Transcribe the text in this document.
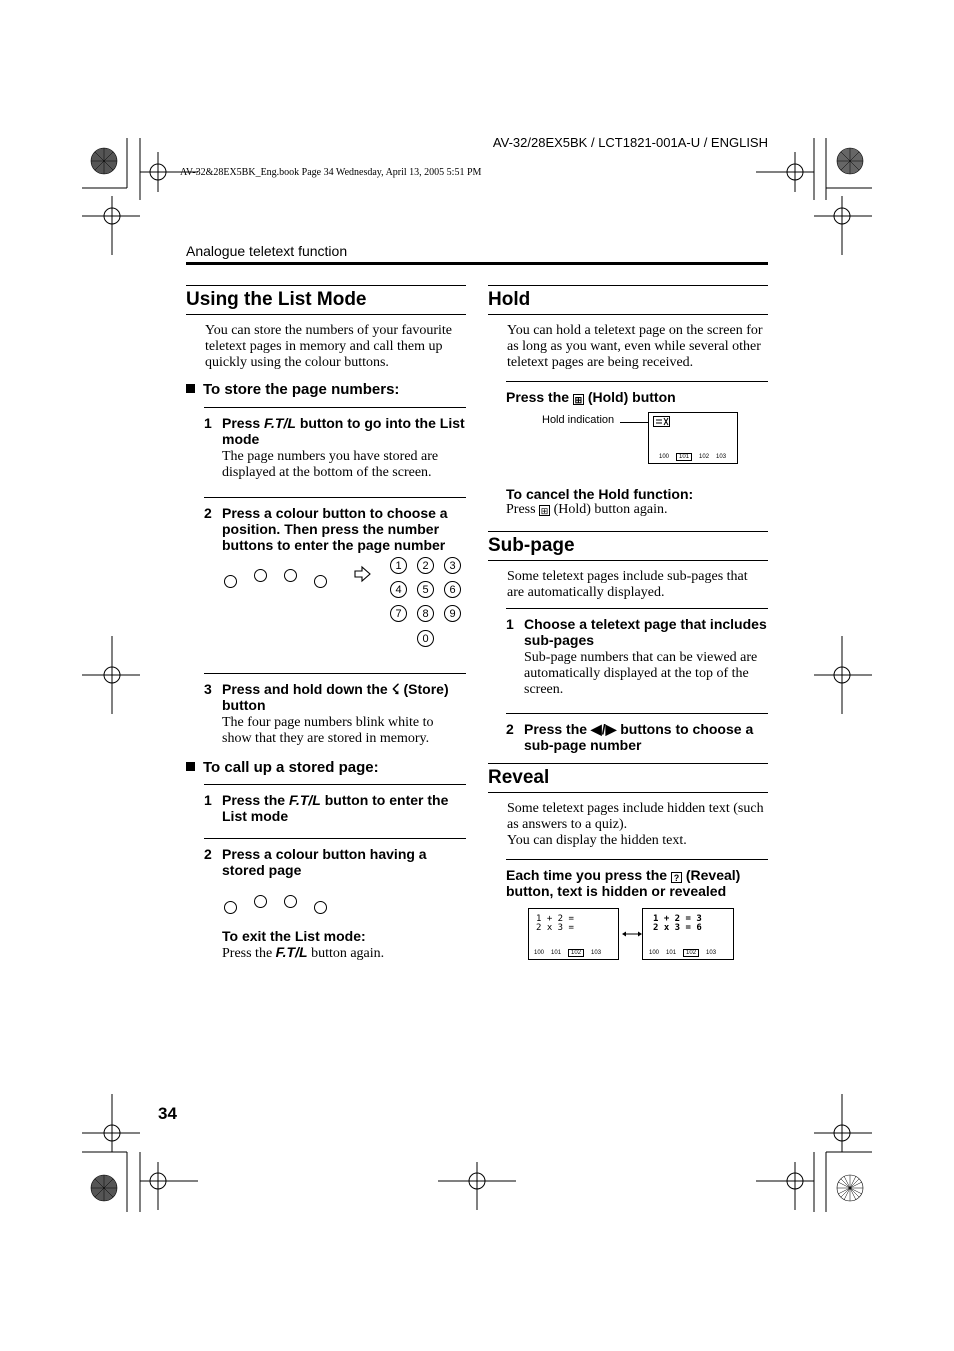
AV-32/28EX5BK / LCT1821-001A-U / ENGLISH
AV-32&28EX5BK_Eng.book Page 34 Wednesday, April 13, 2005 5:51 PM
Analogue teletext function
34
Using the List Mode
You can store the numbers of your favourite teletext pages in memory and call them up quickly using the colour buttons.
To store the page numbers:
1 Press F.T/L button to go into the List mode
The page numbers you have stored are displayed at the bottom of the screen.
2 Press a colour button to choose a position. Then press the number buttons to enter the page number
1	2	3
4	5	6
7	8	9
0
3 Press and hold down the ☇ (Store) button
The four page numbers blink white to show that they are stored in memory.
To call up a stored page:
1 Press the F.T/L button to enter the List mode
2 Press a colour button having a stored page
To exit the List mode:
Press the F.T/L button again.
Hold
You can hold a teletext page on the screen for as long as you want, even while several other teletext pages are being received.
Press the ⊞ (Hold) button
Hold indication
100 101 102 103
To cancel the Hold function:
Press ⊞ (Hold) button again.
Sub-page
Some teletext pages include sub-pages that are automatically displayed.
1 Choose a teletext page that includes sub-pages
Sub-page numbers that can be viewed are automatically displayed at the top of the screen.
2 Press the ◀/▶ buttons to choose a sub-page number
Reveal
Some teletext pages include hidden text (such as answers to a quiz).
You can display the hidden text.
Each time you press the ? (Reveal) button, text is hidden or revealed
1 + 2 =
2 x 3 =
100 101 102 103
1 + 2 = 3
2 x 3 = 6
100 101 102 103
